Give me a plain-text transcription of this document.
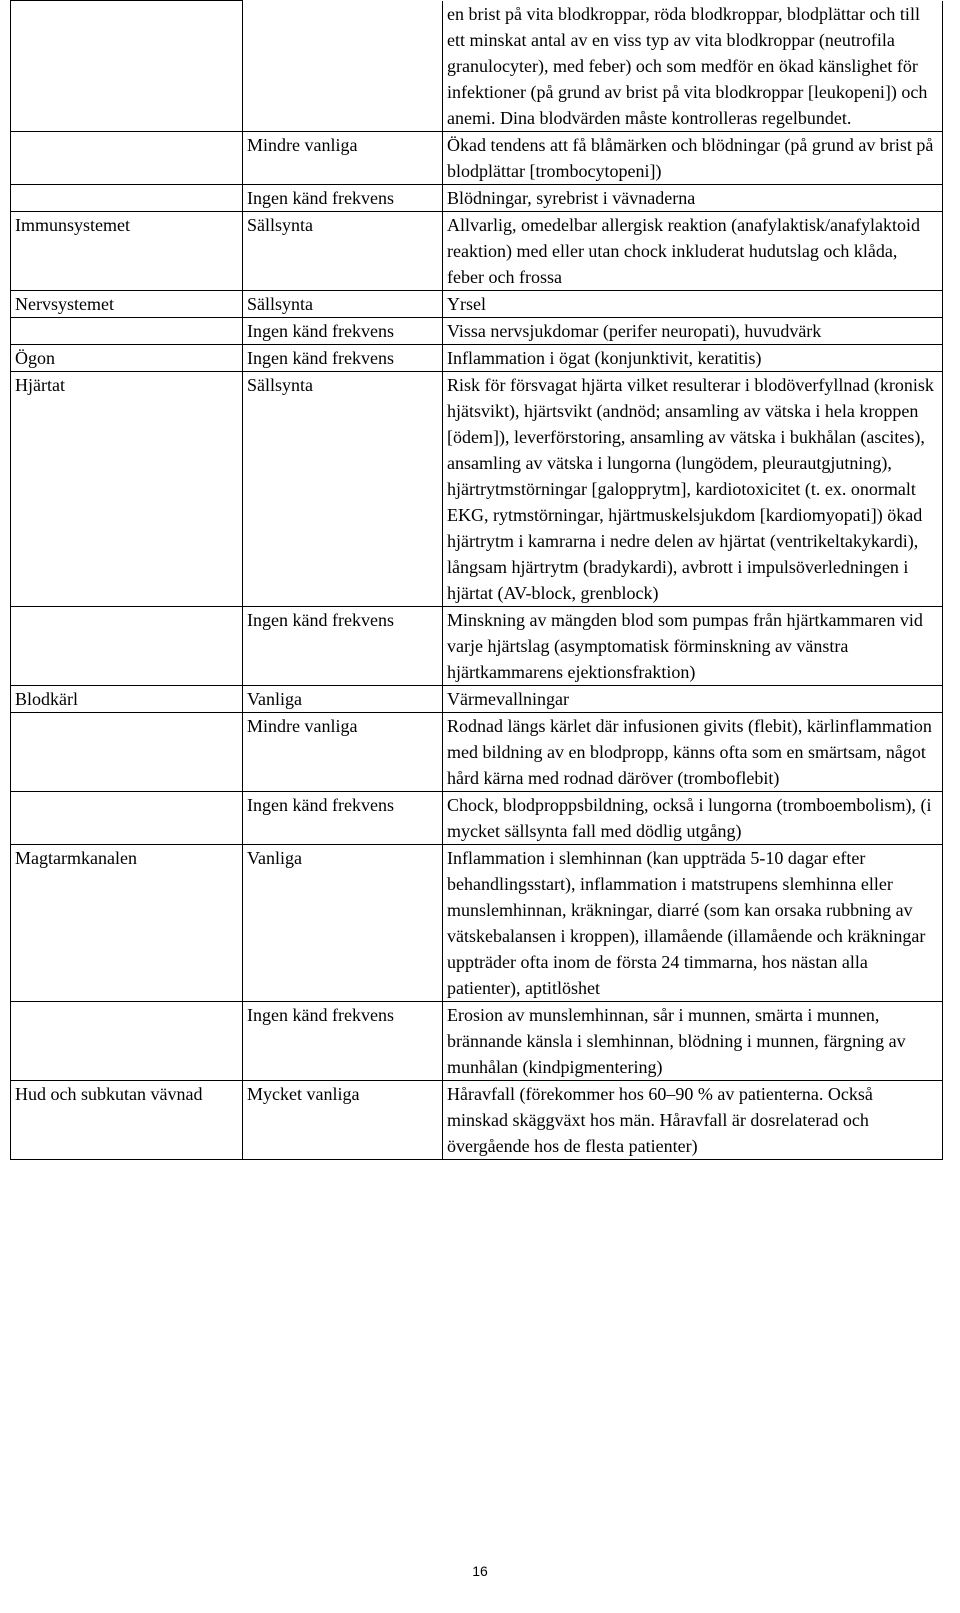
		en brist på vita blodkroppar, röda blodkroppar, blodplättar och till ett minskat antal av en viss typ av vita blodkroppar (neutrofila granulocyter), med feber) och som medför en ökad känslighet för infektioner (på grund av brist på vita blodkroppar [leukopeni]) och anemi. Dina blodvärden måste kontrolleras regelbundet.
	Mindre vanliga	Ökad tendens att få blåmärken och blödningar (på grund av brist på blodplättar [trombocytopeni])
	Ingen känd frekvens	Blödningar, syrebrist i vävnaderna
Immunsystemet	Sällsynta	Allvarlig, omedelbar allergisk reaktion (anafylaktisk/anafylaktoid reaktion) med eller utan chock inkluderat hudutslag och klåda, feber och frossa
Nervsystemet	Sällsynta	Yrsel
	Ingen känd frekvens	Vissa nervsjukdomar (perifer neuropati), huvudvärk
Ögon	Ingen känd frekvens	Inflammation i ögat (konjunktivit, keratitis)
Hjärtat	Sällsynta	Risk för försvagat hjärta vilket resulterar i blodöverfyllnad (kronisk hjätsvikt), hjärtsvikt (andnöd; ansamling av vätska i hela kroppen [ödem]), leverförstoring, ansamling av vätska i bukhålan (ascites), ansamling av vätska i lungorna (lungödem, pleurautgjutning), hjärtrytmstörningar [galopprytm], kardiotoxicitet (t. ex. onormalt EKG, rytmstörningar, hjärtmuskelsjukdom [kardiomyopati]) ökad hjärtrytm i kamrarna i nedre delen av hjärtat (ventrikeltakykardi), långsam hjärtrytm (bradykardi), avbrott i impulsöverledningen i hjärtat (AV-block, grenblock)
	Ingen känd frekvens	Minskning av mängden blod som pumpas från hjärtkammaren vid varje hjärtslag (asymptomatisk förminskning av vänstra hjärtkammarens ejektionsfraktion)
Blodkärl	Vanliga	Värmevallningar
	Mindre vanliga	Rodnad längs kärlet där infusionen givits (flebit), kärlinflammation med bildning av en blodpropp, känns ofta som en smärtsam, något hård kärna med rodnad däröver (tromboflebit)
	Ingen känd frekvens	Chock, blodproppsbildning, också i lungorna (tromboembolism), (i mycket sällsynta fall med dödlig utgång)
Magtarmkanalen	Vanliga	Inflammation i slemhinnan (kan uppträda 5-10 dagar efter behandlingsstart), inflammation i matstrupens slemhinna eller munslemhinnan, kräkningar, diarré (som kan orsaka rubbning av vätskebalansen i kroppen), illamående (illamående och kräkningar uppträder ofta inom de första 24 timmarna, hos nästan alla patienter), aptitlöshet
	Ingen känd frekvens	Erosion av munslemhinnan, sår i munnen, smärta i munnen, brännande känsla i slemhinnan, blödning i munnen, färgning av munhålan (kindpigmentering)
Hud och subkutan vävnad	Mycket vanliga	Håravfall (förekommer hos 60–90 % av patienterna. Också minskad skäggväxt hos män. Håravfall är dosrelaterad och övergående hos de flesta patienter)
16
